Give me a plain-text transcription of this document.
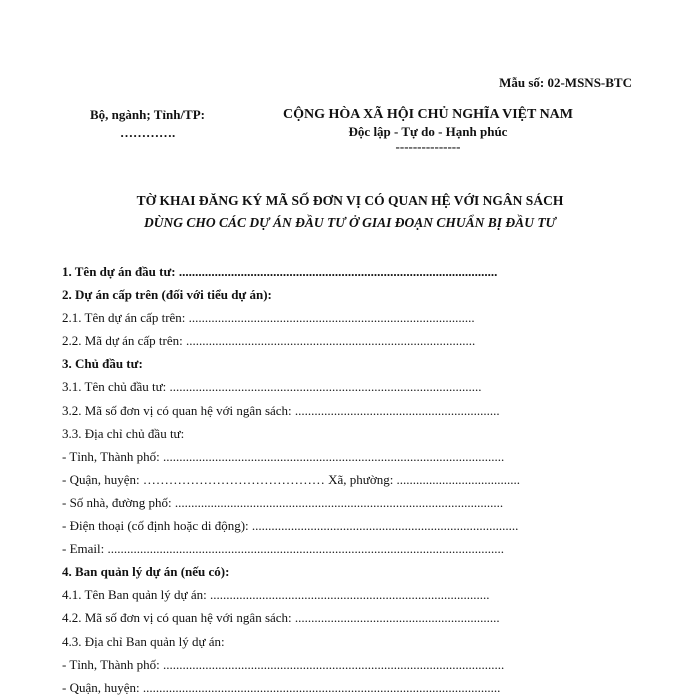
Mẫu số: 02-MSNS-BTC
Bộ, ngành; Tỉnh/TP:
………….
CỘNG HÒA XÃ HỘI CHỦ NGHĨA VIỆT NAM
Độc lập - Tự do - Hạnh phúc
---------------
TỜ KHAI ĐĂNG KÝ MÃ SỐ ĐƠN VỊ CÓ QUAN HỆ VỚI NGÂN SÁCH
DÙNG CHO CÁC DỰ ÁN ĐẦU TƯ Ở GIAI ĐOẠN CHUẨN BỊ ĐẦU TƯ
1. Tên dự án đầu tư: ..................................................................................................
2. Dự án cấp trên (đối với tiểu dự án):
2.1. Tên dự án cấp trên: ........................................................................................
2.2. Mã dự án cấp trên: .........................................................................................
3. Chủ đầu tư:
3.1. Tên chủ đầu tư: ................................................................................................
3.2. Mã số đơn vị có quan hệ với ngân sách: ...............................................................
3.3. Địa chỉ chủ đầu tư:
- Tỉnh, Thành phố: .........................................................................................................
- Quận, huyện: …………………………………… Xã, phường: ......................................
- Số nhà, đường phố: .....................................................................................................
- Điện thoại (cố định hoặc di động): ..................................................................................
- Email: ..........................................................................................................................
4. Ban quản lý dự án (nếu có):
4.1. Tên Ban quản lý dự án: ......................................................................................
4.2. Mã số đơn vị có quan hệ với ngân sách: ...............................................................
4.3. Địa chỉ Ban quản lý dự án:
- Tỉnh, Thành phố: .........................................................................................................
- Quận, huyện: ..............................................................................................................
